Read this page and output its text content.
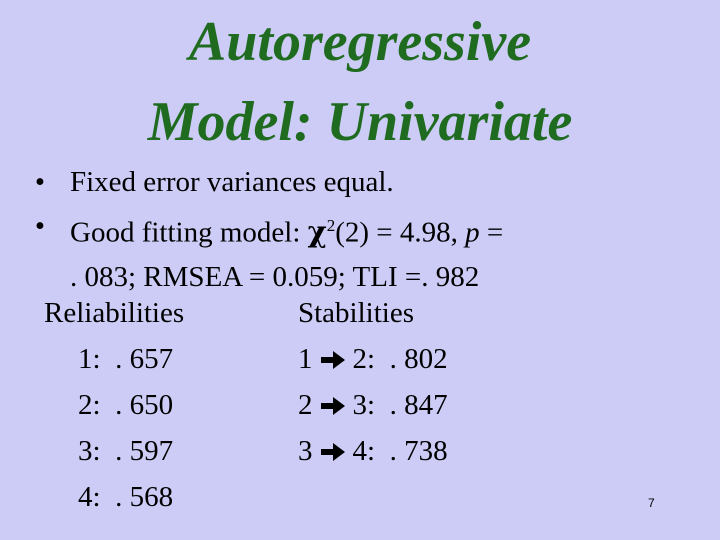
Autoregressive
Model: Univariate
• Fixed error variances equal.
• Good fitting model: $\chi^2(2) = 4.98$, p =
. 083; RMSEA = 0.059; TLI =. 982
Reliabilities	Stabilities
1: . 657
2: . 650
3: . 597
4: . 568
1 2: . 802
2 3: . 847
3 4: . 738
7
